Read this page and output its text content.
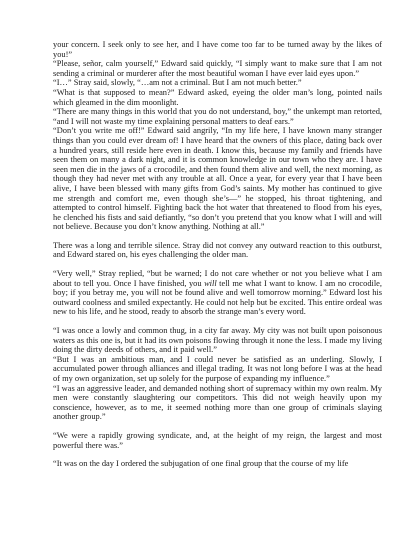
your concern. I seek only to see her, and I have come too far to be turned away by the likes of you!”

“Please, señor, calm yourself,” Edward said quickly, “I simply want to make sure that I am not sending a criminal or murderer after the most beautiful woman I have ever laid eyes upon.”

“I…” Stray said, slowly, “…am not a criminal. But I am not much better.”

“What is that supposed to mean?” Edward asked, eyeing the older man’s long, pointed nails which gleamed in the dim moonlight.

“There are many things in this world that you do not understand, boy,” the unkempt man retorted, “and I will not waste my time explaining personal matters to deaf ears.”

“Don’t you write me off!” Edward said angrily, “In my life here, I have known many stranger things than you could ever dream of! I have heard that the owners of this place, dating back over a hundred years, still reside here even in death. I know this, because my family and friends have seen them on many a dark night, and it is common knowledge in our town who they are. I have seen men die in the jaws of a crocodile, and then found them alive and well, the next morning, as though they had never met with any trouble at all. Once a year, for every year that I have been alive, I have been blessed with many gifts from God’s saints. My mother has continued to give me strength and comfort me, even though she’s—” he stopped, his throat tightening, and attempted to control himself. Fighting back the hot water that threatened to flood from his eyes, he clenched his fists and said defiantly, “so don’t you pretend that you know what I will and will not believe. Because you don’t know anything. Nothing at all.”

There was a long and terrible silence. Stray did not convey any outward reaction to this outburst, and Edward stared on, his eyes challenging the older man.

“Very well,” Stray replied, “but be warned; I do not care whether or not you believe what I am about to tell you. Once I have finished, you will tell me what I want to know. I am no crocodile, boy; if you betray me, you will not be found alive and well tomorrow morning.” Edward lost his outward coolness and smiled expectantly. He could not help but be excited. This entire ordeal was new to his life, and he stood, ready to absorb the strange man’s every word.

“I was once a lowly and common thug, in a city far away. My city was not built upon poisonous waters as this one is, but it had its own poisons flowing through it none the less. I made my living doing the dirty deeds of others, and it paid well.”

“But I was an ambitious man, and I could never be satisfied as an underling. Slowly, I accumulated power through alliances and illegal trading. It was not long before I was at the head of my own organization, set up solely for the purpose of expanding my influence.”

“I was an aggressive leader, and demanded nothing short of supremacy within my own realm. My men were constantly slaughtering our competitors. This did not weigh heavily upon my conscience, however, as to me, it seemed nothing more than one group of criminals slaying another group.”

“We were a rapidly growing syndicate, and, at the height of my reign, the largest and most powerful there was.”

“It was on the day I ordered the subjugation of one final group that the course of my life
